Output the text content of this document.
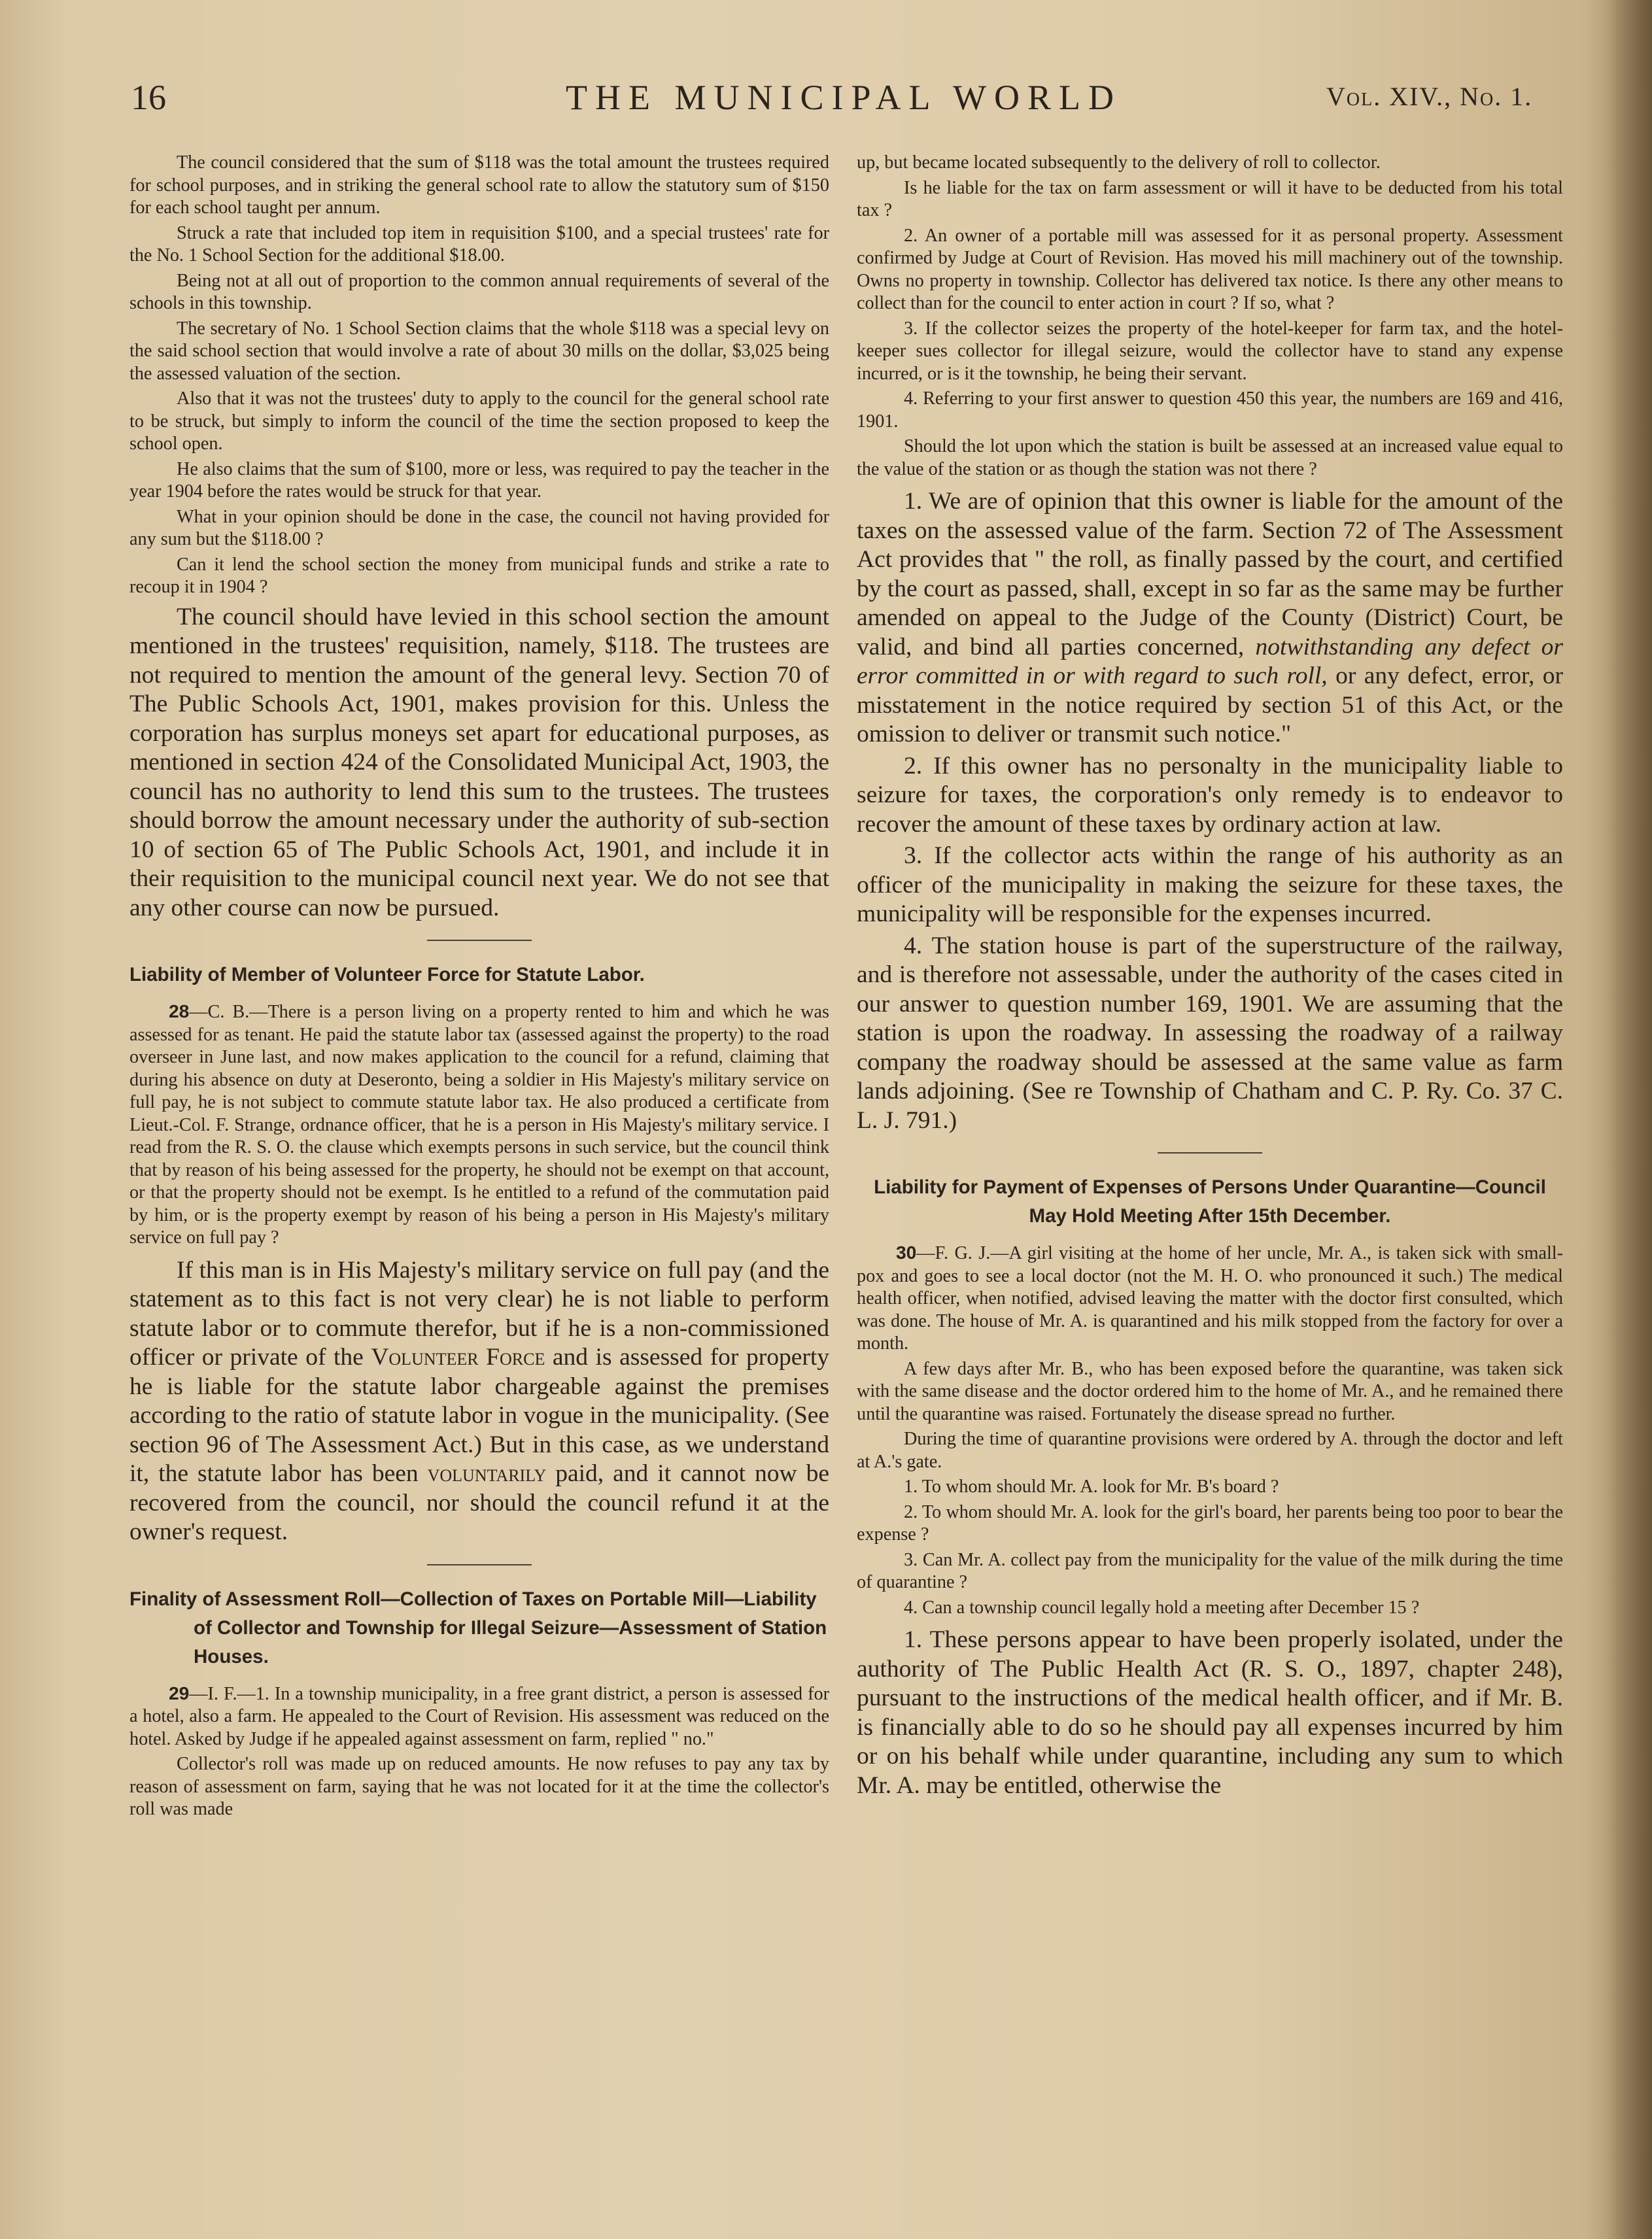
16	THE MUNICIPAL WORLD	Vol. XIV., No. 1.

The council considered that the sum of $118 was the total amount the trustees required for school purposes, and in striking the general school rate to allow the statutory sum of $150 for each school taught per annum.

Struck a rate that included top item in requisition $100, and a special trustees' rate for the No. 1 School Section for the additional $18.00.

Being not at all out of proportion to the common annual requirements of several of the schools in this township.

The secretary of No. 1 School Section claims that the whole $118 was a special levy on the said school section that would involve a rate of about 30 mills on the dollar, $3,025 being the assessed valuation of the section.

Also that it was not the trustees' duty to apply to the council for the general school rate to be struck, but simply to inform the council of the time the section proposed to keep the school open.

He also claims that the sum of $100, more or less, was required to pay the teacher in the year 1904 before the rates would be struck for that year.

What in your opinion should be done in the case, the council not having provided for any sum but the $118.00 ?

Can it lend the school section the money from municipal funds and strike a rate to recoup it in 1904 ?

The council should have levied in this school section the amount mentioned in the trustees' requisition, namely, $118. The trustees are not required to mention the amount of the general levy. Section 70 of The Public Schools Act, 1901, makes provision for this. Unless the corporation has surplus moneys set apart for educational purposes, as mentioned in section 424 of the Consolidated Municipal Act, 1903, the council has no authority to lend this sum to the trustees. The trustees should borrow the amount necessary under the authority of sub-section 10 of section 65 of The Public Schools Act, 1901, and include it in their requisition to the municipal council next year. We do not see that any other course can now be pursued.

Liability of Member of Volunteer Force for Statute Labor.

28—C. B.—There is a person living on a property rented to him and which he was assessed for as tenant. He paid the statute labor tax (assessed against the property) to the road overseer in June last, and now makes application to the council for a refund, claiming that during his absence on duty at Deseronto, being a soldier in His Majesty's military service on full pay, he is not subject to commute statute labor tax. He also produced a certificate from Lieut.-Col. F. Strange, ordnance officer, that he is a person in His Majesty's military service. I read from the R. S. O. the clause which exempts persons in such service, but the council think that by reason of his being assessed for the property, he should not be exempt on that account, or that the property should not be exempt. Is he entitled to a refund of the commutation paid by him, or is the property exempt by reason of his being a person in His Majesty's military service on full pay ?

If this man is in His Majesty's military service on full pay (and the statement as to this fact is not very clear) he is not liable to perform statute labor or to commute therefor, but if he is a non-commissioned officer or private of the Volunteer Force and is assessed for property he is liable for the statute labor chargeable against the premises according to the ratio of statute labor in vogue in the municipality. (See section 96 of The Assessment Act.) But in this case, as we understand it, the statute labor has been voluntarily paid, and it cannot now be recovered from the council, nor should the council refund it at the owner's request.

Finality of Assessment Roll—Collection of Taxes on Portable Mill—Liability of Collector and Township for Illegal Seizure—Assessment of Station Houses.

29—I. F.—1. In a township municipality, in a free grant district, a person is assessed for a hotel, also a farm. He appealed to the Court of Revision. His assessment was reduced on the hotel. Asked by Judge if he appealed against assessment on farm, replied " no."

Collector's roll was made up on reduced amounts. He now refuses to pay any tax by reason of assessment on farm, saying that he was not located for it at the time the collector's roll was made

up, but became located subsequently to the delivery of roll to collector.

Is he liable for the tax on farm assessment or will it have to be deducted from his total tax ?

2. An owner of a portable mill was assessed for it as personal property. Assessment confirmed by Judge at Court of Revision. Has moved his mill machinery out of the township. Owns no property in township. Collector has delivered tax notice. Is there any other means to collect than for the council to enter action in court ? If so, what ?

3. If the collector seizes the property of the hotel-keeper for farm tax, and the hotel-keeper sues collector for illegal seizure, would the collector have to stand any expense incurred, or is it the township, he being their servant.

4. Referring to your first answer to question 450 this year, the numbers are 169 and 416, 1901.

Should the lot upon which the station is built be assessed at an increased value equal to the value of the station or as though the station was not there ?

1. We are of opinion that this owner is liable for the amount of the taxes on the assessed value of the farm. Section 72 of The Assessment Act provides that " the roll, as finally passed by the court, and certified by the court as passed, shall, except in so far as the same may be further amended on appeal to the Judge of the County (District) Court, be valid, and bind all parties concerned, notwithstanding any defect or error committed in or with regard to such roll, or any defect, error, or misstatement in the notice required by section 51 of this Act, or the omission to deliver or transmit such notice."

2. If this owner has no personalty in the municipality liable to seizure for taxes, the corporation's only remedy is to endeavor to recover the amount of these taxes by ordinary action at law.

3. If the collector acts within the range of his authority as an officer of the municipality in making the seizure for these taxes, the municipality will be responsible for the expenses incurred.

4. The station house is part of the superstructure of the railway, and is therefore not assessable, under the authority of the cases cited in our answer to question number 169, 1901. We are assuming that the station is upon the roadway. In assessing the roadway of a railway company the roadway should be assessed at the same value as farm lands adjoining. (See re Township of Chatham and C. P. Ry. Co. 37 C. L. J. 791.)

Liability for Payment of Expenses of Persons Under Quarantine—Council May Hold Meeting After 15th December.

30—F. G. J.—A girl visiting at the home of her uncle, Mr. A., is taken sick with small-pox and goes to see a local doctor (not the M. H. O. who pronounced it such.) The medical health officer, when notified, advised leaving the matter with the doctor first consulted, which was done. The house of Mr. A. is quarantined and his milk stopped from the factory for over a month.

A few days after Mr. B., who has been exposed before the quarantine, was taken sick with the same disease and the doctor ordered him to the home of Mr. A., and he remained there until the quarantine was raised. Fortunately the disease spread no further.

During the time of quarantine provisions were ordered by A. through the doctor and left at A.'s gate.

1. To whom should Mr. A. look for Mr. B's board ?

2. To whom should Mr. A. look for the girl's board, her parents being too poor to bear the expense ?

3. Can Mr. A. collect pay from the municipality for the value of the milk during the time of quarantine ?

4. Can a township council legally hold a meeting after December 15 ?

1. These persons appear to have been properly isolated, under the authority of The Public Health Act (R. S. O., 1897, chapter 248), pursuant to the instructions of the medical health officer, and if Mr. B. is financially able to do so he should pay all expenses incurred by him or on his behalf while under quarantine, including any sum to which Mr. A. may be entitled, otherwise the
